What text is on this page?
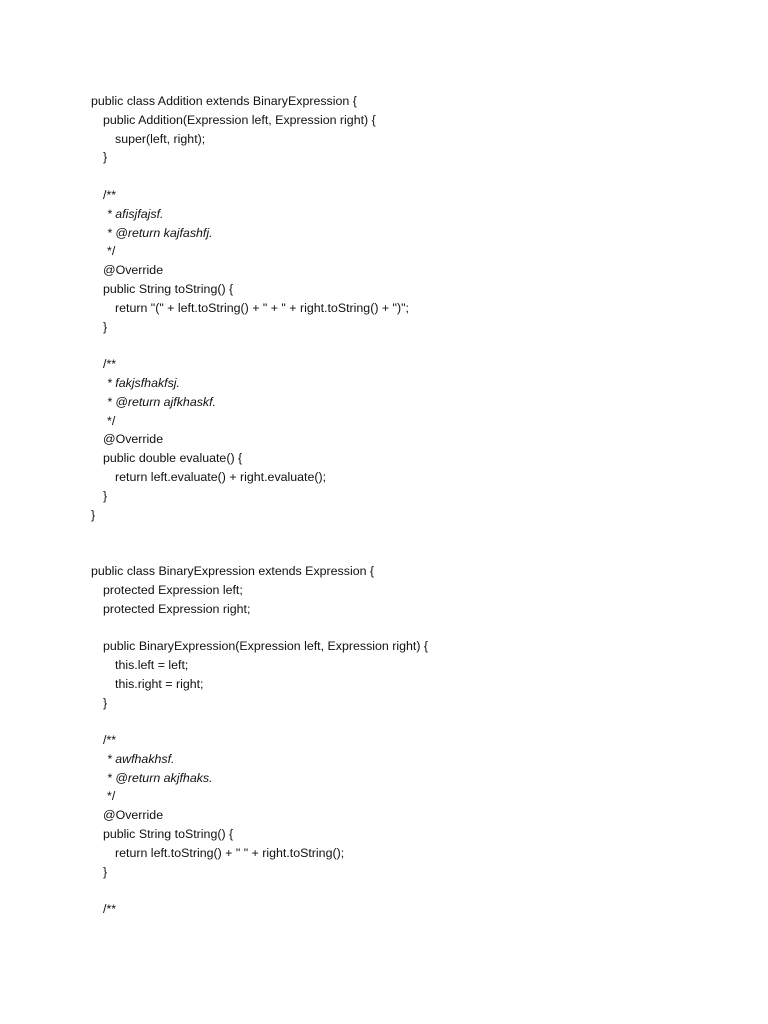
public class Addition extends BinaryExpression {
public Addition(Expression left, Expression right) {
super(left, right);
}

/**
* afisjfajsf.
* @return kajfashfj.
*/
@Override
public String toString() {
return "(" + left.toString() + " + " + right.toString() + ")";
}

/**
* fakjsfhakfsj.
* @return ajfkhaskf.
*/
@Override
public double evaluate() {
return left.evaluate() + right.evaluate();
}
}

public class BinaryExpression extends Expression {
protected Expression left;
protected Expression right;

public BinaryExpression(Expression left, Expression right) {
this.left = left;
this.right = right;
}

/**
* awfhakhsf.
* @return akjfhaks.
*/
@Override
public String toString() {
return left.toString() + " " + right.toString();
}

/**
